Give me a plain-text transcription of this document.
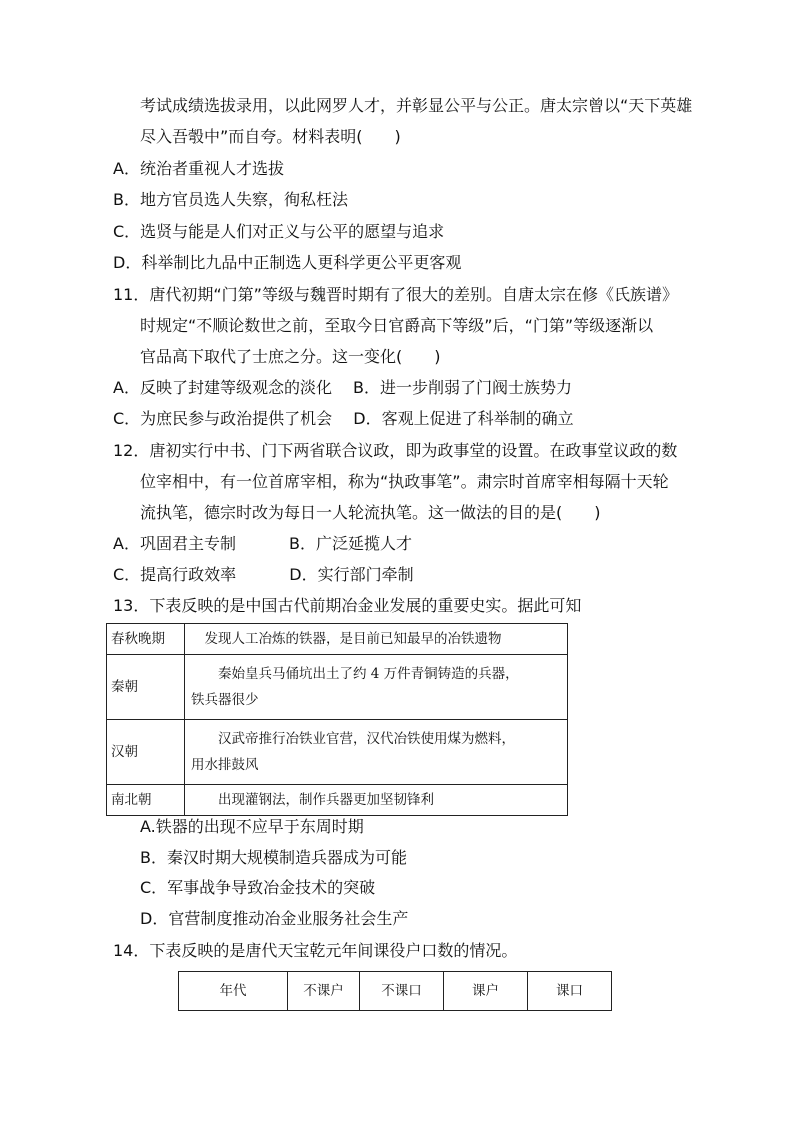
考试成绩选拔录用，以此网罗人才，并彰显公平与公正。唐太宗曾以“天下英雄
尽入吾彀中”而自夸。材料表明(　　)
A．统治者重视人才选拔
B．地方官员选人失察，徇私枉法
C．选贤与能是人们对正义与公平的愿望与追求
D．科举制比九品中正制选人更科学更公平更客观
11．唐代初期“门第”等级与魏晋时期有了很大的差别。自唐太宗在修《氏族谱》
时规定“不顺论数世之前，至取今日官爵高下等级”后，“门第”等级逐渐以
官品高下取代了士庶之分。这一变化(　　)
A．反映了封建等级观念的淡化　 B．进一步削弱了门阀士族势力
C．为庶民参与政治提供了机会　 D．客观上促进了科举制的确立
12．唐初实行中书、门下两省联合议政，即为政事堂的设置。在政事堂议政的数
位宰相中，有一位首席宰相，称为“执政事笔”。肃宗时首席宰相每隔十天轮
流执笔，德宗时改为每日一人轮流执笔。这一做法的目的是(　　)
A．巩固君主专制　　　 B．广泛延揽人才
C．提高行政效率　　　 D．实行部门牵制
13．下表反映的是中国古代前期冶金业发展的重要史实。据此可知
春秋晚期	　发现人工冶炼的铁器，是目前已知最早的冶铁遗物
秦朝	　　秦始皇兵马俑坑出土了约 4 万件青铜铸造的兵器，
铁兵器很少

汉朝	　　汉武帝推行冶铁业官营，汉代冶铁使用煤为燃料，
用水排鼓风

南北朝	　　出现灌钢法，制作兵器更加坚韧锋利
A.铁器的出现不应早于东周时期
B．秦汉时期大规模制造兵器成为可能
C．军事战争导致冶金技术的突破
D．官营制度推动冶金业服务社会生产
14．下表反映的是唐代天宝乾元年间课役户口数的情况。
年代	不课户	不课口	课户	课口
